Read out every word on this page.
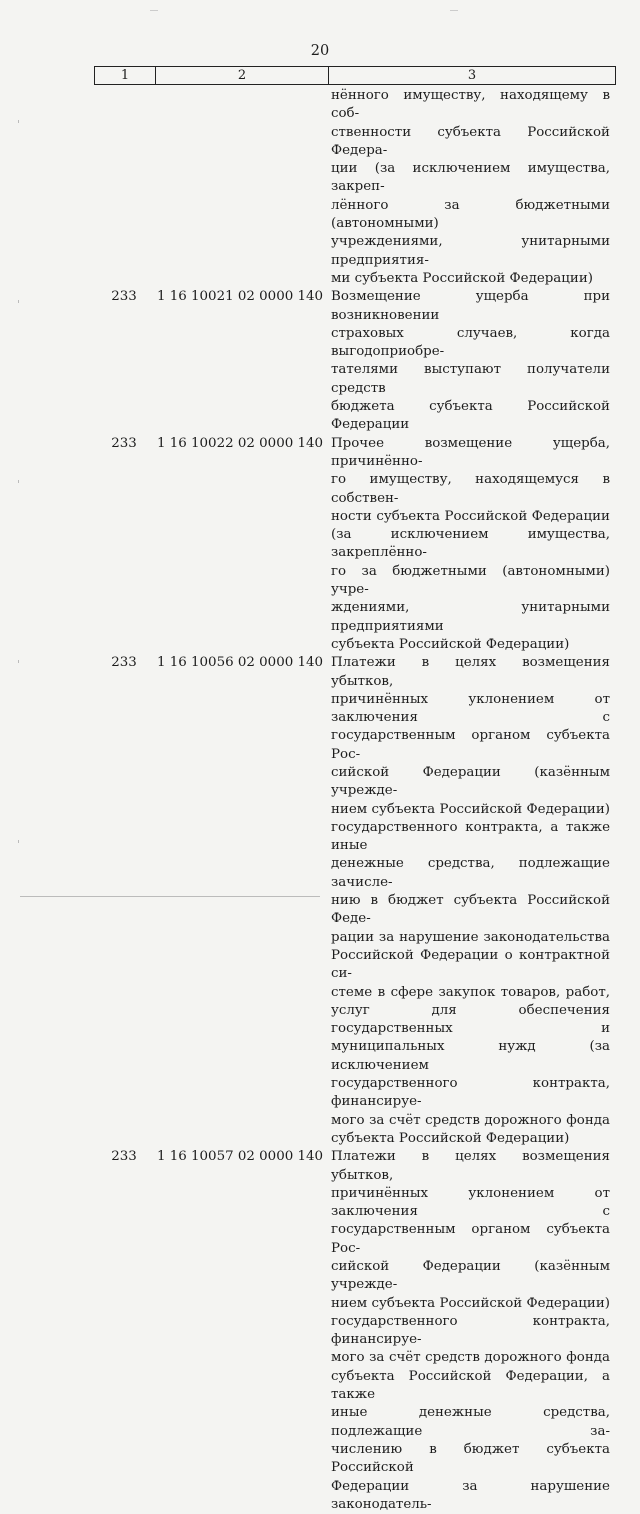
20
1	2	3
нённого имуществу, находящему в соб-
ственности субъекта Российской Федера-
ции (за исключением имущества, закреп-
лённого за бюджетными (автономными)
учреждениями, унитарными предприятия-
ми субъекта Российской Федерации)
233	1 16 10021 02 0000 140 Возмещение ущерба при возникновении
страховых случаев, когда выгодоприобре-
тателями выступают получатели средств
бюджета субъекта Российской Федерации
233	1 16 10022 02 0000 140 Прочее возмещение ущерба, причинённо-
го имуществу, находящемуся в собствен-
ности субъекта Российской Федерации
(за исключением имущества, закреплённо-
го за бюджетными (автономными) учре-
ждениями, унитарными предприятиями
субъекта Российской Федерации)
233	1 16 10056 02 0000 140 Платежи в целях возмещения убытков,
причинённых уклонением от заключения с
государственным органом субъекта Рос-
сийской Федерации (казённым учрежде-
нием субъекта Российской Федерации)
государственного контракта, а также иные
денежные средства, подлежащие зачисле-
нию в бюджет субъекта Российской Феде-
рации за нарушение законодательства
Российской Федерации о контрактной си-
стеме в сфере закупок товаров, работ,
услуг для обеспечения государственных и
муниципальных нужд (за исключением
государственного контракта, финансируе-
мого за счёт средств дорожного фонда
субъекта Российской Федерации)
233	1 16 10057 02 0000 140 Платежи в целях возмещения убытков,
причинённых уклонением от заключения с
государственным органом субъекта Рос-
сийской Федерации (казённым учрежде-
нием субъекта Российской Федерации)
государственного контракта, финансируе-
мого за счёт средств дорожного фонда
субъекта Российской Федерации, а также
иные денежные средства, подлежащие за-
числению в бюджет субъекта Российской
Федерации за нарушение законодатель-
